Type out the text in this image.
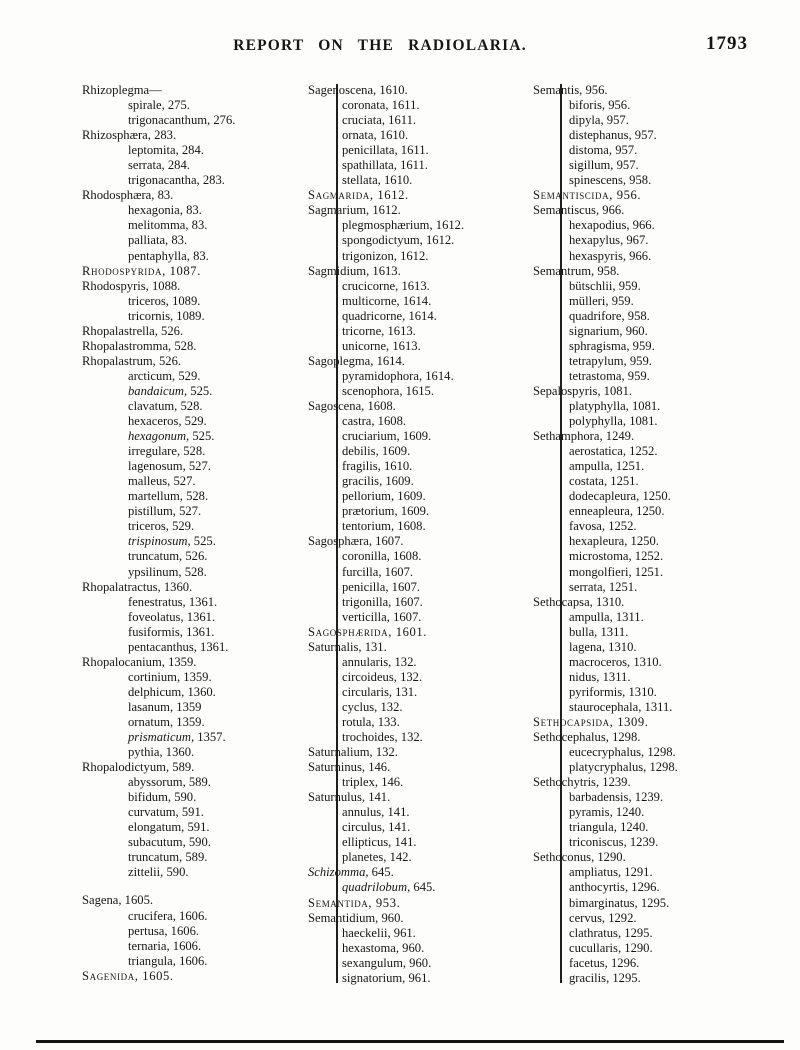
REPORT ON THE RADIOLARIA.	1793
Rhizoplegma—
spirale, 275.
trigonacanthum, 276.
Rhizosphæra, 283.
leptomita, 284.
serrata, 284.
trigonacantha, 283.
Rhodosphæra, 83.
hexagonia, 83.
melitomma, 83.
palliata, 83.
pentaphylla, 83.
Rhodospyrida, 1087.
Rhodospyris, 1088.
triceros, 1089.
tricornis, 1089.
Rhopalastrella, 526.
Rhopalastromma, 528.
Rhopalastrum, 526.
arcticum, 529.
bandaicum, 525.
clavatum, 528.
hexaceros, 529.
hexagonum, 525.
irregulare, 528.
lagenosum, 527.
malleus, 527.
martellum, 528.
pistillum, 527.
triceros, 529.
trispinosum, 525.
truncatum, 526.
ypsilinum, 528.
Rhopalatractus, 1360.
fenestratus, 1361.
foveolatus, 1361.
fusiformis, 1361.
pentacanthus, 1361.
Rhopalocanium, 1359.
cortinium, 1359.
delphicum, 1360.
lasanum, 1359
ornatum, 1359.
prismaticum, 1357.
pythia, 1360.
Rhopalodictyum, 589.
abyssorum, 589.
bifidum, 590.
curvatum, 591.
elongatum, 591.
subacutum, 590.
truncatum, 589.
zittelii, 590.
Sagena, 1605.
crucifera, 1606.
pertusa, 1606.
ternaria, 1606.
triangula, 1606.
Sagenida, 1605.
Sagenoscena, 1610.
coronata, 1611.
cruciata, 1611.
ornata, 1610.
penicillata, 1611.
spathillata, 1611.
stellata, 1610.
Sagmarida, 1612.
Sagmarium, 1612.
plegmosphærium, 1612.
spongodictyum, 1612.
trigonizon, 1612.
Sagmidium, 1613.
crucicorne, 1613.
multicorne, 1614.
quadricorne, 1614.
tricorne, 1613.
unicorne, 1613.
Sagoplegma, 1614.
pyramidophora, 1614.
scenophora, 1615.
Sagoscena, 1608.
castra, 1608.
cruciarium, 1609.
debilis, 1609.
fragilis, 1610.
gracilis, 1609.
pellorium, 1609.
prætorium, 1609.
tentorium, 1608.
Sagosphæra, 1607.
coronilla, 1608.
furcilla, 1607.
penicilla, 1607.
trigonilla, 1607.
verticilla, 1607.
Sagosphærida, 1601.
Saturnalis, 131.
annularis, 132.
circoideus, 132.
circularis, 131.
cyclus, 132.
rotula, 133.
trochoides, 132.
Saturnalium, 132.
Saturninus, 146.
triplex, 146.
Saturnulus, 141.
annulus, 141.
circulus, 141.
ellipticus, 141.
planetes, 142.
Schizomma, 645.
quadrilobum, 645.
Semantida, 953.
Semantidium, 960.
haeckelii, 961.
hexastoma, 960.
sexangulum, 960.
signatorium, 961.
Semantis, 956.
biforis, 956.
dipyla, 957.
distephanus, 957.
distoma, 957.
sigillum, 957.
spinescens, 958.
Semantiscida, 956.
Semantiscus, 966.
hexapodius, 966.
hexapylus, 967.
hexaspyris, 966.
Semantrum, 958.
bütschlii, 959.
mülleri, 959.
quadrifore, 958.
signarium, 960.
sphragisma, 959.
tetrapylum, 959.
tetrastoma, 959.
Sepalospyris, 1081.
platyphylla, 1081.
polyphylla, 1081.
Sethamphora, 1249.
aerostatica, 1252.
ampulla, 1251.
costata, 1251.
dodecapleura, 1250.
enneapleura, 1250.
favosa, 1252.
hexapleura, 1250.
microstoma, 1252.
mongolfieri, 1251.
serrata, 1251.
Sethocapsa, 1310.
ampulla, 1311.
bulla, 1311.
lagena, 1310.
macroceros, 1310.
nidus, 1311.
pyriformis, 1310.
staurocephala, 1311.
Sethocapsida, 1309.
Sethocephalus, 1298.
eucecryphalus, 1298.
platycryphalus, 1298.
Sethochytris, 1239.
barbadensis, 1239.
pyramis, 1240.
triangula, 1240.
triconiscus, 1239.
Sethoconus, 1290.
ampliatus, 1291.
anthocyrtis, 1296.
bimarginatus, 1295.
cervus, 1292.
clathratus, 1295.
cucullaris, 1290.
facetus, 1296.
gracilis, 1295.
